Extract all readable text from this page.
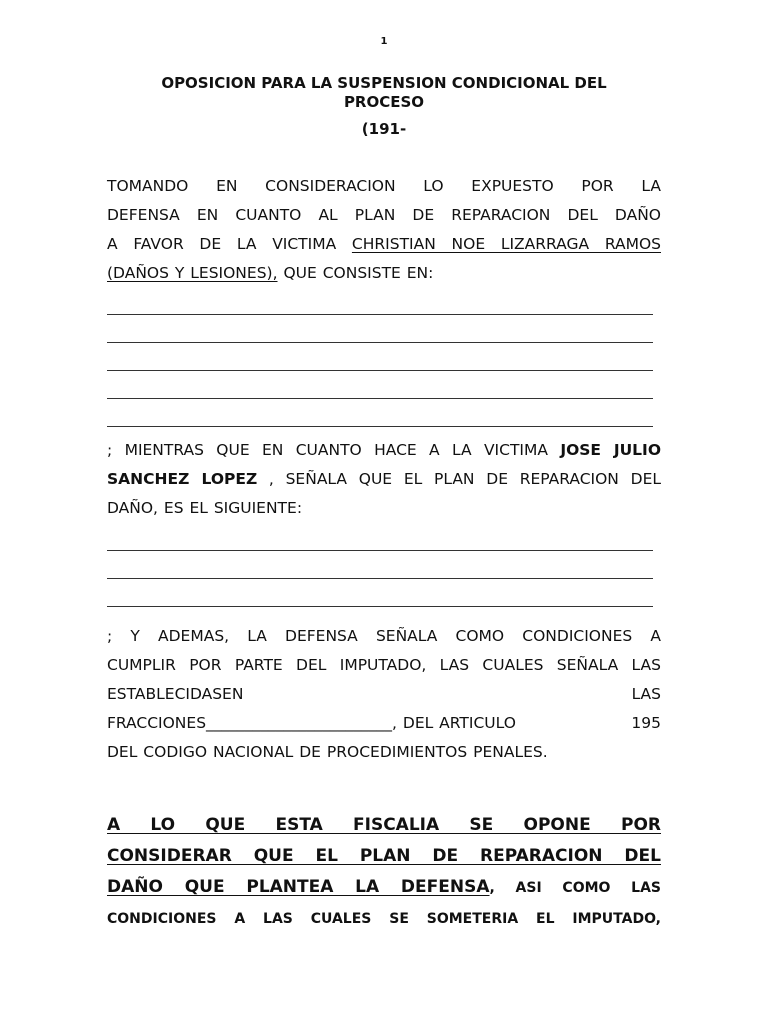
1
OPOSICION PARA LA SUSPENSION CONDICIONAL DEL
PROCESO
(191-
TOMANDO EN CONSIDERACION LO EXPUESTO POR LA
DEFENSA EN CUANTO AL PLAN DE REPARACION DEL DAÑO
A FAVOR DE LA VICTIMA CHRISTIAN NOE LIZARRAGA RAMOS
(DAÑOS Y LESIONES), QUE CONSISTE EN:
; MIENTRAS QUE EN CUANTO HACE A LA VICTIMA JOSE JULIO
SANCHEZ LOPEZ , SEÑALA QUE EL PLAN DE REPARACION DEL
DAÑO, ES EL SIGUIENTE:
; Y ADEMAS, LA DEFENSA SEÑALA COMO CONDICIONES A
CUMPLIR POR PARTE DEL IMPUTADO, LAS CUALES SEÑALA LAS
ESTABLECIDASEN	LAS
FRACCIONES________________________, DEL ARTICULO	195
DEL CODIGO NACIONAL DE PROCEDIMIENTOS PENALES.
A LO QUE ESTA FISCALIA SE OPONE POR
CONSIDERAR QUE EL PLAN DE REPARACION DEL
DAÑO QUE PLANTEA LA DEFENSA, ASI COMO LAS
CONDICIONES A LAS CUALES SE SOMETERIA EL IMPUTADO,
